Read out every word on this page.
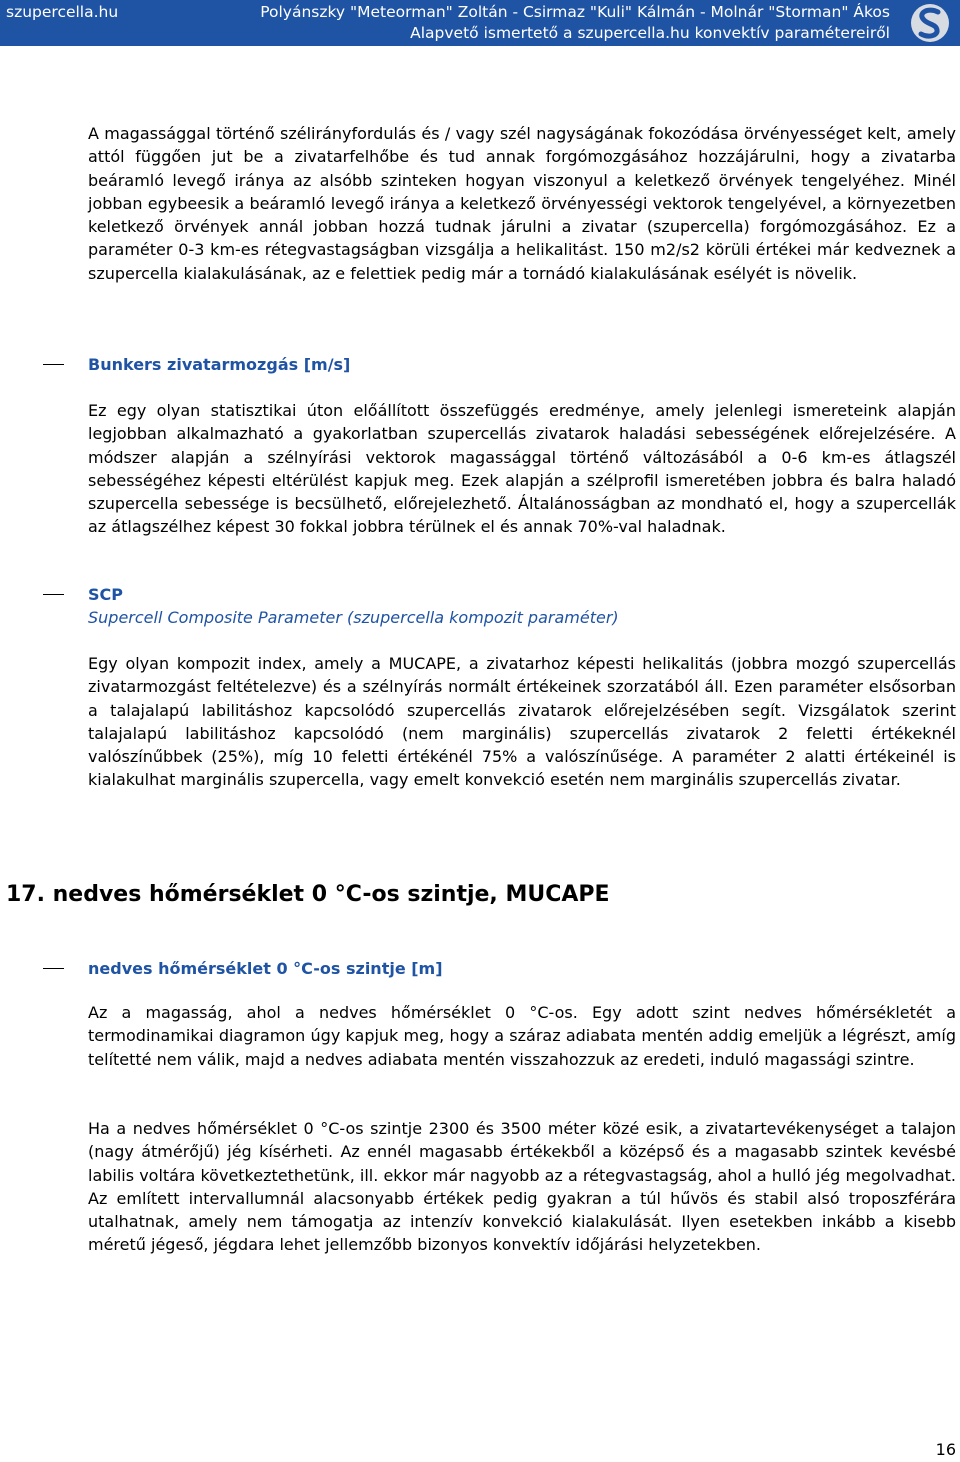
szupercella.hu	Polyánszky "Meteorman" Zoltán - Csirmaz "Kuli" Kálmán - Molnár "Storman" Ákos
Alapvető ismertető a szupercella.hu konvektív paramétereiről

A magassággal történő szélirányfordulás és / vagy szél nagyságának fokozódása örvényességet kelt, amely attól függően jut be a zivatarfelhőbe és tud annak forgómozgásához hozzájárulni, hogy a zivatarba beáramló levegő iránya az alsóbb szinteken hogyan viszonyul a keletkező örvények tengelyéhez. Minél jobban egybeesik a beáramló levegő iránya a keletkező örvényességi vektorok tengelyével, a környezetben keletkező örvények annál jobban hozzá tudnak járulni a zivatar (szupercella) forgómozgásához. Ez a paraméter 0-3 km-es rétegvastagságban vizsgálja a helikalitást. 150 m2/s2 körüli értékei már kedveznek a szupercella kialakulásának, az e felettiek pedig már a tornádó kialakulásának esélyét is növelik.

Bunkers zivatarmozgás [m/s]

Ez egy olyan statisztikai úton előállított összefüggés eredménye, amely jelenlegi ismereteink alapján legjobban alkalmazható a gyakorlatban szupercellás zivatarok haladási sebességének előrejelzésére. A módszer alapján a szélnyírási vektorok magassággal történő változásából a 0-6 km-es átlagszél sebességéhez képesti eltérülést kapjuk meg. Ezek alapján a szélprofil ismeretében jobbra és balra haladó szupercella sebessége is becsülhető, előrejelezhető. Általánosságban az mondható el, hogy a szupercellák az átlagszélhez képest 30 fokkal jobbra térülnek el és annak 70%-val haladnak.

SCP

Supercell Composite Parameter (szupercella kompozit paraméter)

Egy olyan kompozit index, amely a MUCAPE, a zivatarhoz képesti helikalitás (jobbra mozgó szupercellás zivatarmozgást feltételezve) és a szélnyírás normált értékeinek szorzatából áll. Ezen paraméter elsősorban a talajalapú labilitáshoz kapcsolódó szupercellás zivatarok előrejelzésében segít. Vizsgálatok szerint talajalapú labilitáshoz kapcsolódó (nem marginális) szupercellás zivatarok 2 feletti értékeknél valószínűbbek (25%), míg 10 feletti értékénél 75% a valószínűsége. A paraméter 2 alatti értékeinél is kialakulhat marginális szupercella, vagy emelt konvekció esetén nem marginális szupercellás zivatar.

17. nedves hőmérséklet 0 °C-os szintje, MUCAPE
nedves hőmérséklet 0 °C-os szintje [m]

Az a magasság, ahol a nedves hőmérséklet 0 °C-os. Egy adott szint nedves hőmérsékletét a termodinamikai diagramon úgy kapjuk meg, hogy a száraz adiabata mentén addig emeljük a légrészt, amíg telítetté nem válik, majd a nedves adiabata mentén visszahozzuk az eredeti, induló magassági szintre.

Ha a nedves hőmérséklet 0 °C-os szintje 2300 és 3500 méter közé esik, a zivatartevékenységet a talajon (nagy átmérőjű) jég kísérheti. Az ennél magasabb értékekből a középső és a magasabb szintek kevésbé labilis voltára következtethetünk, ill. ekkor már nagyobb az a rétegvastagság, ahol a hulló jég megolvadhat. Az említett intervallumnál alacsonyabb értékek pedig gyakran a túl hűvös és stabil alsó troposzférára utalhatnak, amely nem támogatja az intenzív konvekció kialakulását. Ilyen esetekben inkább a kisebb méretű jégeső, jégdara lehet jellemzőbb bizonyos konvektív időjárási helyzetekben.

16
